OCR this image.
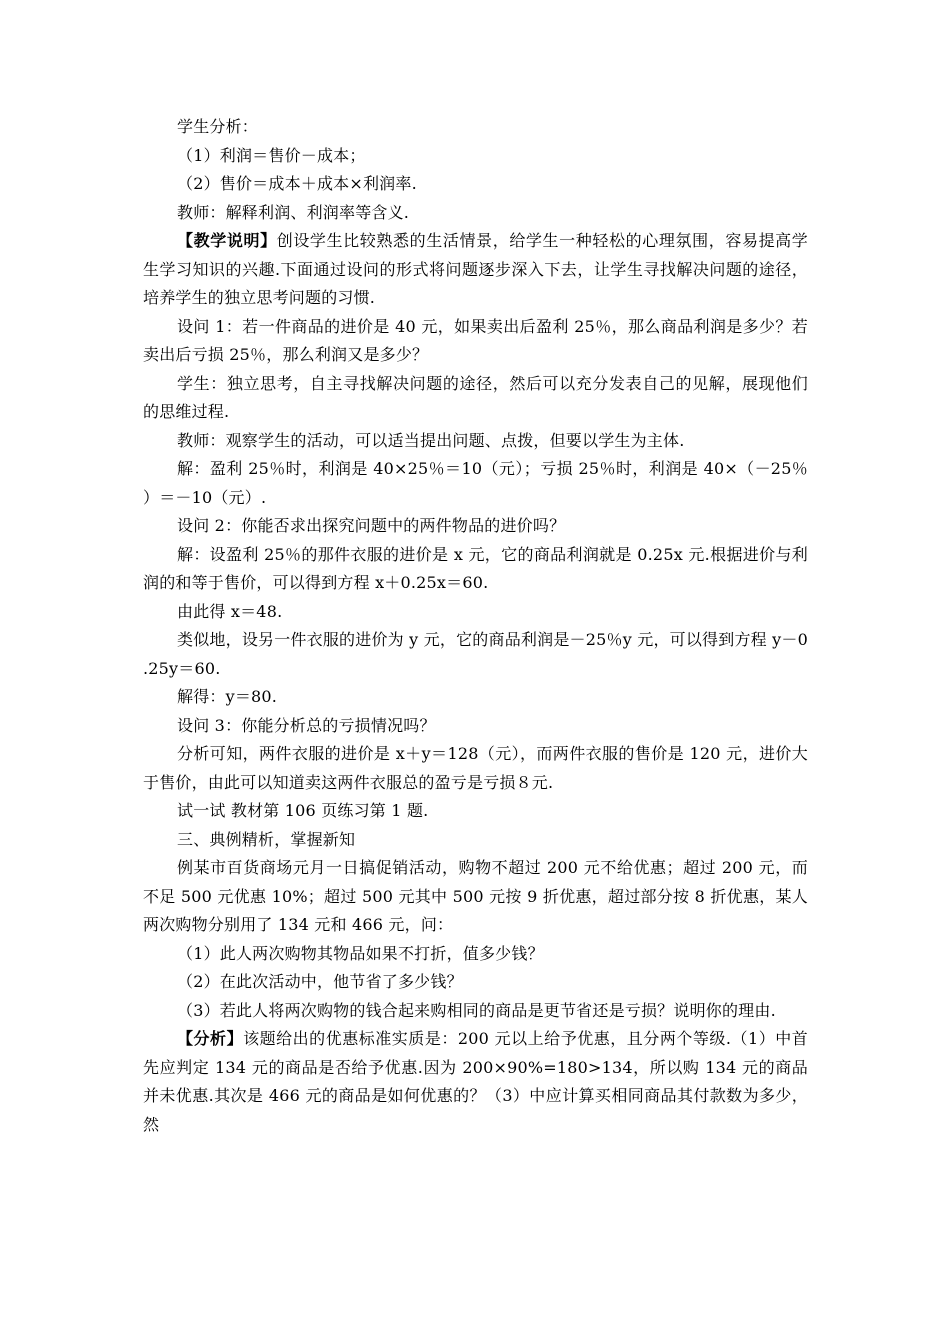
学生分析：

（1）利润＝售价－成本；

（2）售价＝成本＋成本×利润率.

教师：解释利润、利润率等含义.

【教学说明】创设学生比较熟悉的生活情景，给学生一种轻松的心理氛围，容易提高学生学习知识的兴趣.下面通过设问的形式将问题逐步深入下去，让学生寻找解决问题的途径，培养学生的独立思考问题的习惯.

设问 1：若一件商品的进价是 40 元，如果卖出后盈利 25％，那么商品利润是多少？若卖出后亏损 25％，那么利润又是多少？

学生：独立思考，自主寻找解决问题的途径，然后可以充分发表自己的见解，展现他们的思维过程.

教师：观察学生的活动，可以适当提出问题、点拨，但要以学生为主体.

解：盈利 25％时，利润是 40×25％＝10（元）；亏损 25％时，利润是 40×（－25％）＝－10（元）.

设问 2：你能否求出探究问题中的两件物品的进价吗？

解：设盈利 25％的那件衣服的进价是 x 元，它的商品利润就是 0.25x 元.根据进价与利润的和等于售价，可以得到方程 x＋0.25x＝60.

由此得 x＝48.

类似地，设另一件衣服的进价为 y 元，它的商品利润是－25％y 元，可以得到方程 y－0.25y＝60.

解得：y＝80.

设问 3：你能分析总的亏损情况吗？

分析可知，两件衣服的进价是 x＋y＝128（元），而两件衣服的售价是 120 元，进价大于售价，由此可以知道卖这两件衣服总的盈亏是亏损８元.

试一试 教材第 106 页练习第 1 题.

三、典例精析，掌握新知

例某市百货商场元月一日搞促销活动，购物不超过 200 元不给优惠；超过 200 元，而不足 500 元优惠 10%；超过 500 元其中 500 元按 9 折优惠，超过部分按 8 折优惠，某人两次购物分别用了 134 元和 466 元，问：

（1）此人两次购物其物品如果不打折，值多少钱？

（2）在此次活动中，他节省了多少钱？

（3）若此人将两次购物的钱合起来购相同的商品是更节省还是亏损？说明你的理由.

【分析】该题给出的优惠标准实质是：200 元以上给予优惠，且分两个等级.（1）中首先应判定 134 元的商品是否给予优惠.因为 200×90%=180>134，所以购 134 元的商品并未优惠.其次是 466 元的商品是如何优惠的？（3）中应计算买相同商品其付款数为多少，然
